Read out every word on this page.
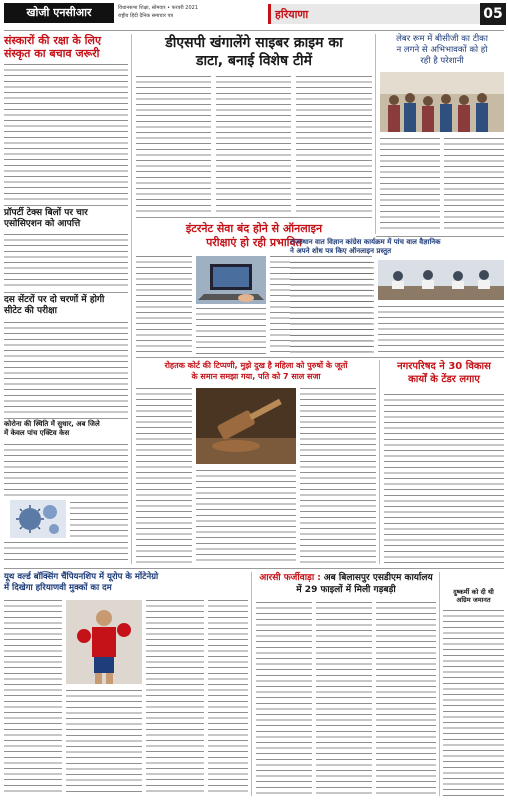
खोजी एनसीआर	विधानसभा शिक्षा, सोमवार • फरवरी 2021
राष्ट्रीय हिंदी दैनिक समाचार पत्र	हरियाणा	05
संस्कारों की रक्षा के लिए
संस्कृत का बचाव जरूरी
प्रॉपर्टी टेक्स बिलों पर चार
एसोसिएशन को आपत्ति
दस सेंटरों पर दो चरणों में होगी
सीटेट की परीक्षा
कोरोना की स्थिति में सुधार, अब जिले
में केवल पांच एक्टिव केस
डीएसपी खंगालेंगे साइबर क्राइम का
डाटा, बनाई विशेष टीमें
इंटरनेट सेवा बंद होने से ऑनलाइन
परीक्षाएं हो रही प्रभावित
लेबर रूम में बीसीजी का टीका
न लगने से अभिभावकों को हो
रही है परेशानी
राजस्थान वात विज्ञान कांग्रेस कार्यक्रम में पांच वाल वैज्ञानिक
ने अपने शोध पत्र किए ऑनलाइन प्रस्तुत
रोहतक कोर्ट की टिप्पणी, मुझे दुख है महिला को पुरुषों के जूतों
के समान समझा गया, पति को 7 साल सजा
नगरपरिषद ने 30 विकास
कार्यों के टेंडर लगाए
यूथ वर्ल्ड बॉक्सिंग चैंपियनशिप में यूरोप के मोंटेनेग्रो
में दिखेगा हरियाणवी मुक्कों का दम
आरसी फर्जीवाड़ा : अब बिलासपुर एसडीएम कार्यालय
में 29 फाइलों में मिली गड़बड़ी	दुष्कर्मी को दी थी
अग्रिम जमानत
